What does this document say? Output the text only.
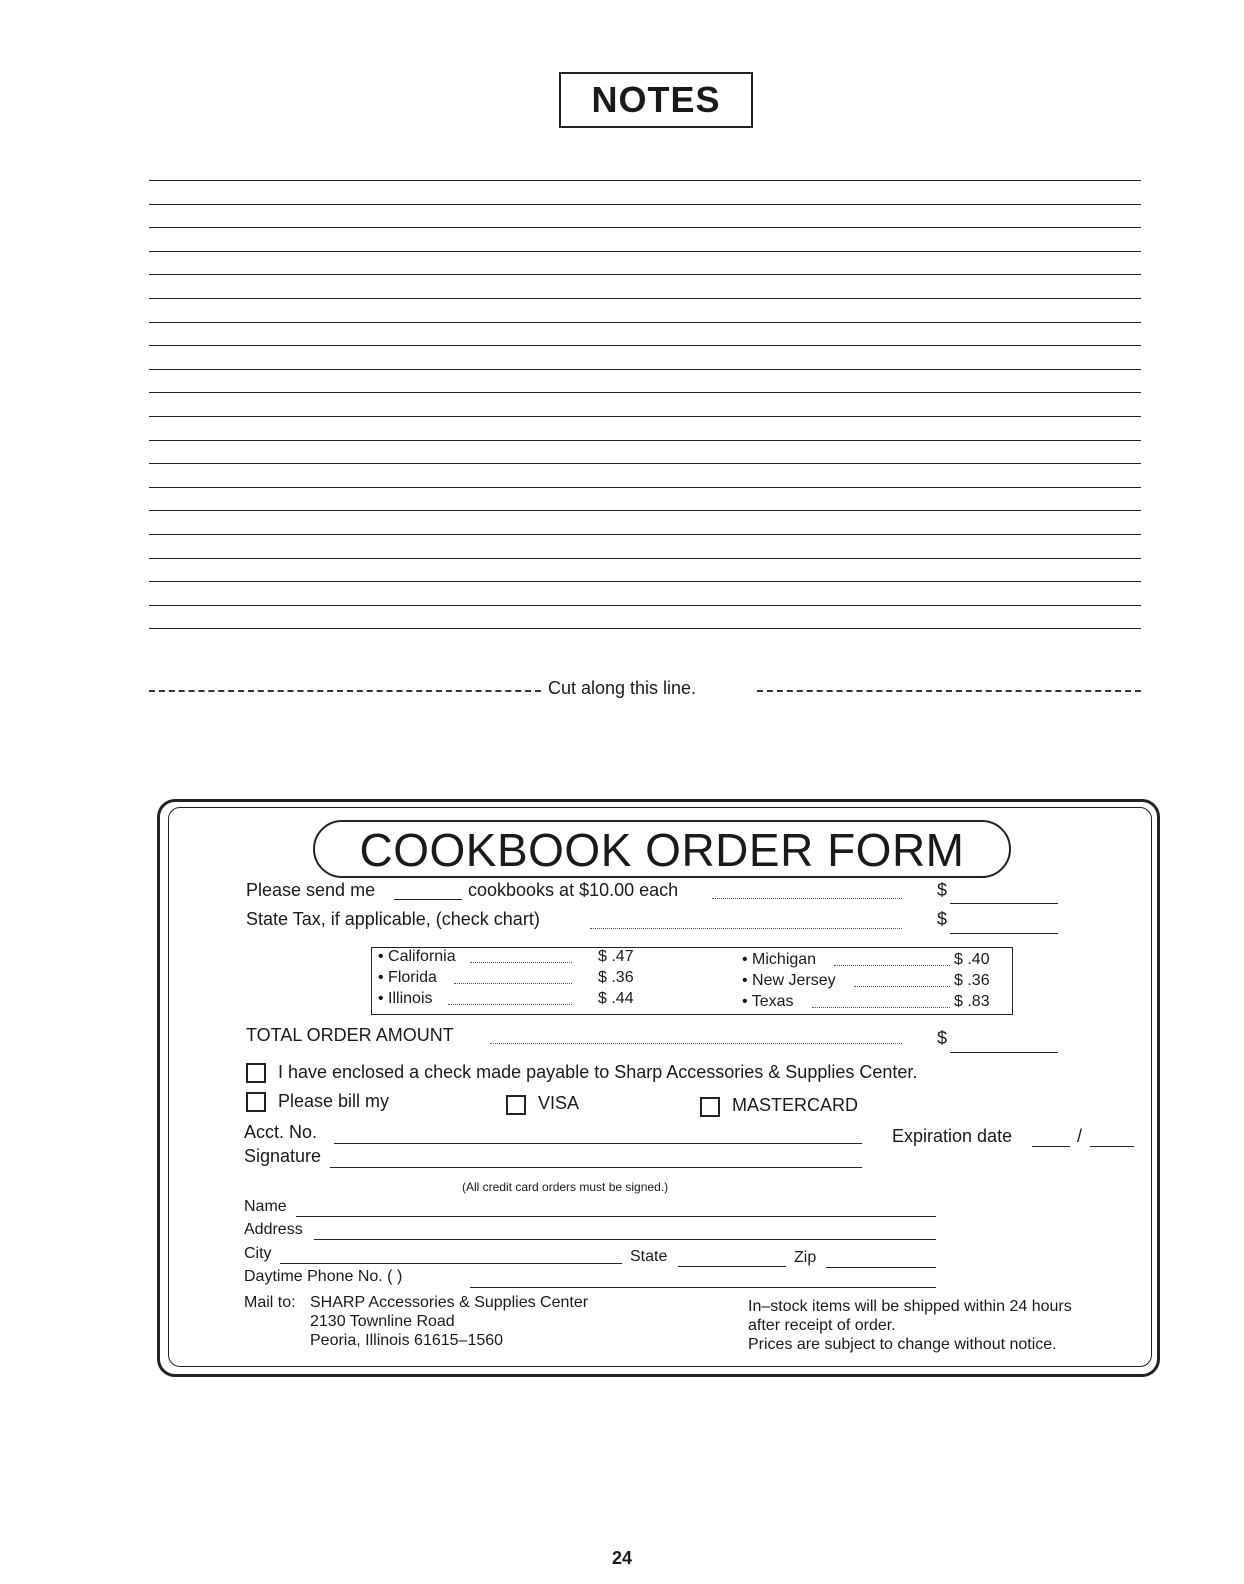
NOTES
Cut along this line.
COOKBOOK ORDER FORM
Please send me	cookbooks at $10.00 each	$
State Tax, if applicable, (check chart)	$
• California	$ .47
• Florida	$ .36
• Illinois	$ .44
• Michigan	$ .40
• New Jersey	$ .36
• Texas	$ .83
TOTAL ORDER AMOUNT	$
I have enclosed a check made payable to Sharp Accessories & Supplies Center.
Please bill my	VISA	MASTERCARD
Acct. No.	Expiration date	/
Signature
(All credit card orders must be signed.)
Name
Address
City	State	Zip
Daytime Phone No. ( )
Mail to: SHARP Accessories & Supplies Center
2130 Townline Road
Peoria, Illinois 61615–1560
In–stock items will be shipped within 24 hours
after receipt of order.
Prices are subject to change without notice.
24
